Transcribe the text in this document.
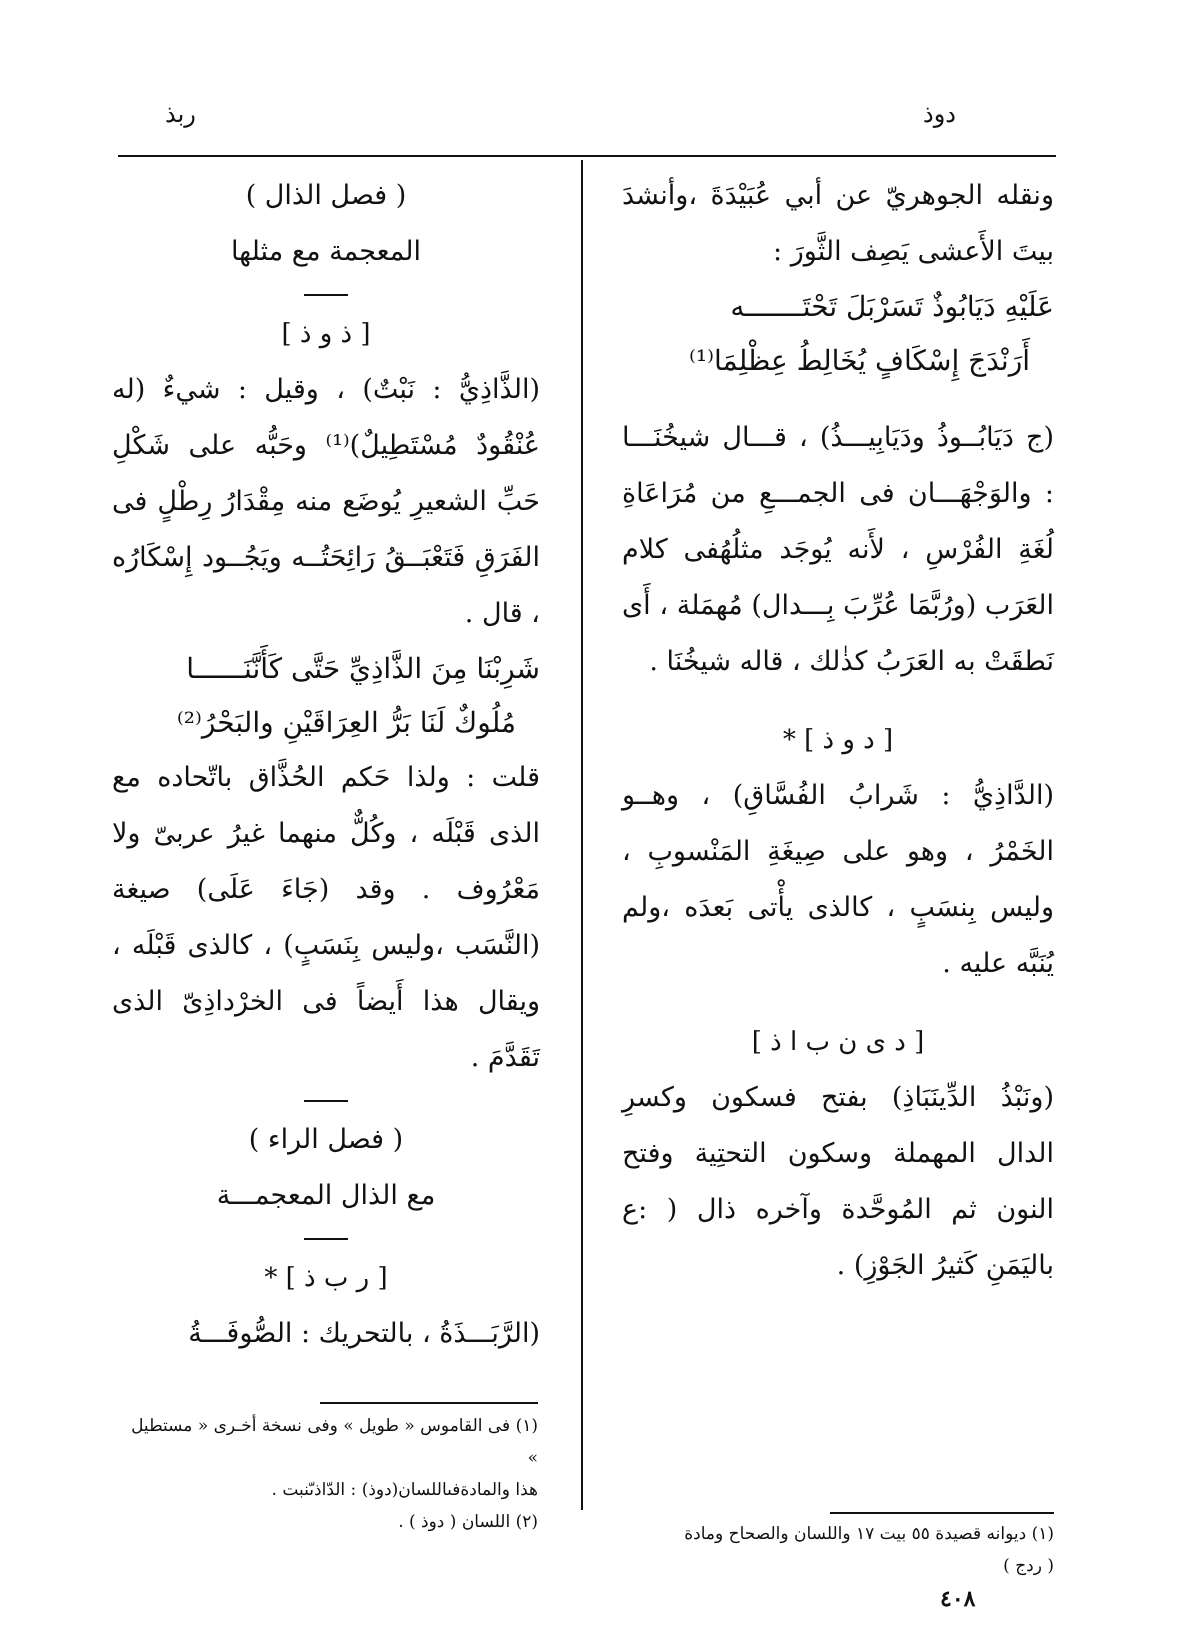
دوذ
ربذ

ونقله الجوهريّ عن أبي عُبَيْدَةَ ،وأنشدَ بيتَ الأَعشى يَصِف الثَّورَ :

عَلَيْهِ دَيَابُوذٌ تَسَرْبَلَ تَحْتَـــــــه
أَرَنْدَجَ إِسْكَافٍ يُخَالِطُ عِظْلِمَا⁽¹⁾

(ج دَيَابُــوذُ ودَيَابِيـــذُ) ، قـــال شيخُنَـــا : والوَجْهَـــان فى الجمـــعِ من مُرَاعَاةِ لُغَةِ الفُرْسِ ، لأَنه يُوجَد مثلُهُفى كلام العَرَب (ورُبَّمَا عُرِّبَ بِـــدال) مُهمَلة ، أَى نَطقَتْ به العَرَبُ كذٰلك ، قاله شيخُنَا .

[ د و ذ ] *

(الدَّاذِيُّ : شَرابُ الفُسَّاقِ) ، وهــو الخَمْرُ ، وهو على صِيغَةِ المَنْسوبِ ، وليس بِنسَبٍ ، كالذى يأْتى بَعدَه ،ولم يُنَبَّه عليه .

[ د ى ن ب ا ذ ]

(ونَبْذُ الدِّينَبَاذِ) بفتح فسكون وكسرِ الدال المهملة وسكون التحتِية وفتح النون ثم المُوحَّدة وآخره ذال ( :ع باليَمَنِ كَثيرُ الجَوْزِ) .

( فصل الذال )

المعجمة مع مثلها

[ ذ و ذ ]

(الذَّاذِيُّ : نَبْتٌ) ، وقيل : شيءٌ (له عُنْقُودٌ مُسْتَطِيلٌ)⁽¹⁾ وحَبُّه على شَكْلِ حَبِّ الشعيرِ يُوضَع منه مِقْدَارُ رِطْلٍ فى الفَرَقِ فَتَعْبَــقُ رَائِحَتُــه ويَجُــود إِسْكَارُه ، قال .

شَرِبْنَا مِنَ الذَّاذِيِّ حَتَّى كَأَنَّنَــــــا
مُلُوكٌ لَنَا بَرُّ العِرَاقَيْنِ والبَحْرُ⁽²⁾

قلت : ولذا حَكم الحُذَّاق باتّحاده مع الذى قَبْلَه ، وكُلٌّ منهما غيرُ عربىّ ولا مَعْرُوف . وقد (جَاءَ عَلَى) صيغة (النَّسَب ،وليس بِنَسَبٍ) ، كالذى قَبْلَه ، ويقال هذا أَيضاً فى الخرْداذِىّ الذى تَقَدَّمَ .

( فصل الراء )

مع الذال المعجمـــة

[ ر ب ذ ] *

(الرَّبَـــذَةُ ، بالتحريك : الصُّوفَـــةُ

(١) ديوانه قصيدة ٥٥ بيت ١٧ واللسان والصحاح ومادة

( ردج )

(١) فى القاموس « طويل » وفى نسخة أخـرى « مستطيل »

هذا والمادةفىاللسان(دوذ) : الدّاذىّنبت .

(٢) اللسان ( دوذ ) .

٤٠٨
